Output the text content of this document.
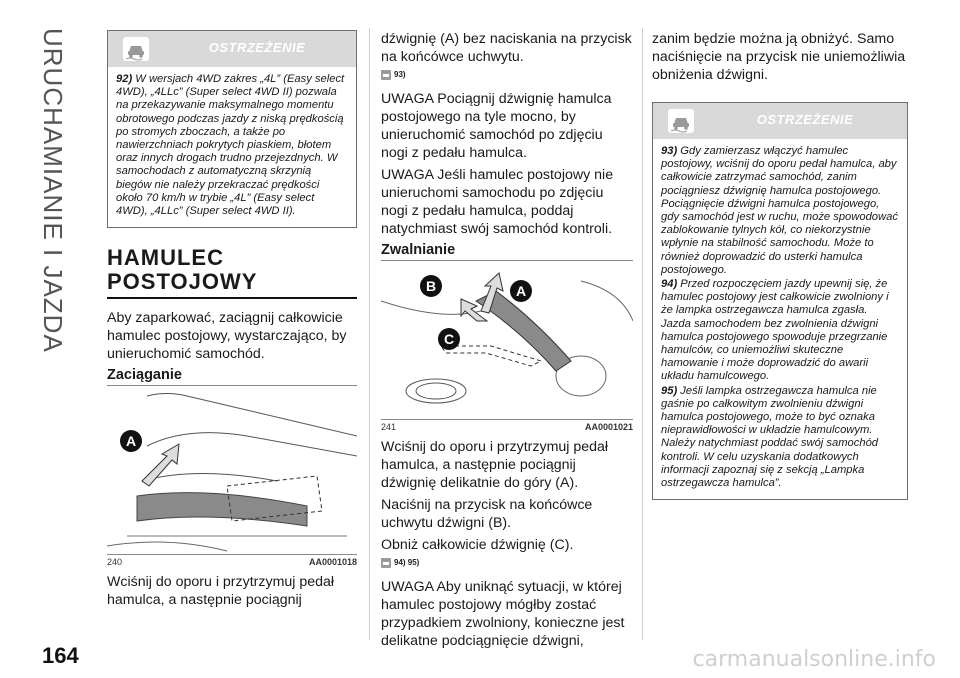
URUCHAMIANIE I JAZDA	OSTRZEŻENIE

92) W wersjach 4WD zakres „4L” (Easy select 4WD), „4LLc” (Super select 4WD II) pozwala na przekazywanie maksymalnego momentu obrotowego podczas jazdy z niską prędkością po stromych zboczach, a także po nawierzchniach pokrytych piaskiem, błotem oraz innych drogach trudno przejezdnych. W samochodach z automatyczną skrzynią biegów nie należy przekraczać prędkości około 70 km/h w trybie „4L” (Easy select 4WD), „4LLc” (Super select 4WD II).

HAMULEC
POSTOJOWY

Aby zaparkować, zaciągnij całkowicie hamulec postojowy, wystarczająco, by unieruchomić samochód.

Zaciąganie
A
240	AA0001018

Wciśnij do oporu i przytrzymuj pedał hamulca, a następnie pociągnij

dźwignię (A) bez naciskania na przycisk na końcówce uchwytu.

93)

UWAGA Pociągnij dźwignię hamulca postojowego na tyle mocno, by unieruchomić samochód po zdjęciu nogi z pedału hamulca.

UWAGA Jeśli hamulec postojowy nie unieruchomi samochodu po zdjęciu nogi z pedału hamulca, poddaj natychmiast swój samochód kontroli.

Zwalnianie
B	A
C
241	AA0001021

Wciśnij do oporu i przytrzymuj pedał hamulca, a następnie pociągnij dźwignię delikatnie do góry (A).

Naciśnij na przycisk na końcówce uchwytu dźwigni (B).

Obniż całkowicie dźwignię (C).

94) 95)

UWAGA Aby uniknąć sytuacji, w której hamulec postojowy mógłby zostać przypadkiem zwolniony, konieczne jest delikatne podciągnięcie dźwigni,

zanim będzie można ją obniżyć. Samo naciśnięcie na przycisk nie uniemożliwia obniżenia dźwigni.

OSTRZEŻENIE

93) Gdy zamierzasz włączyć hamulec postojowy, wciśnij do oporu pedał hamulca, aby całkowicie zatrzymać samochód, zanim pociągniesz dźwignię hamulca postojowego. Pociągnięcie dźwigni hamulca postojowego, gdy samochód jest w ruchu, może spowodować zablokowanie tylnych kół, co niekorzystnie wpłynie na stabilność samochodu. Może to również doprowadzić do usterki hamulca postojowego.

94) Przed rozpoczęciem jazdy upewnij się, że hamulec postojowy jest całkowicie zwolniony i że lampka ostrzegawcza hamulca zgasła. Jazda samochodem bez zwolnienia dźwigni hamulca postojowego spowoduje przegrzanie hamulców, co uniemożliwi skuteczne hamowanie i może doprowadzić do awarii układu hamulcowego.

95) Jeśli lampka ostrzegawcza hamulca nie gaśnie po całkowitym zwolnieniu dźwigni hamulca postojowego, może to być oznaka nieprawidłowości w układzie hamulcowym. Należy natychmiast poddać swój samochód kontroli. W celu uzyskania dodatkowych informacji zapoznaj się z sekcją „Lampka ostrzegawcza hamulca”.

164	carmanualsonline.info
